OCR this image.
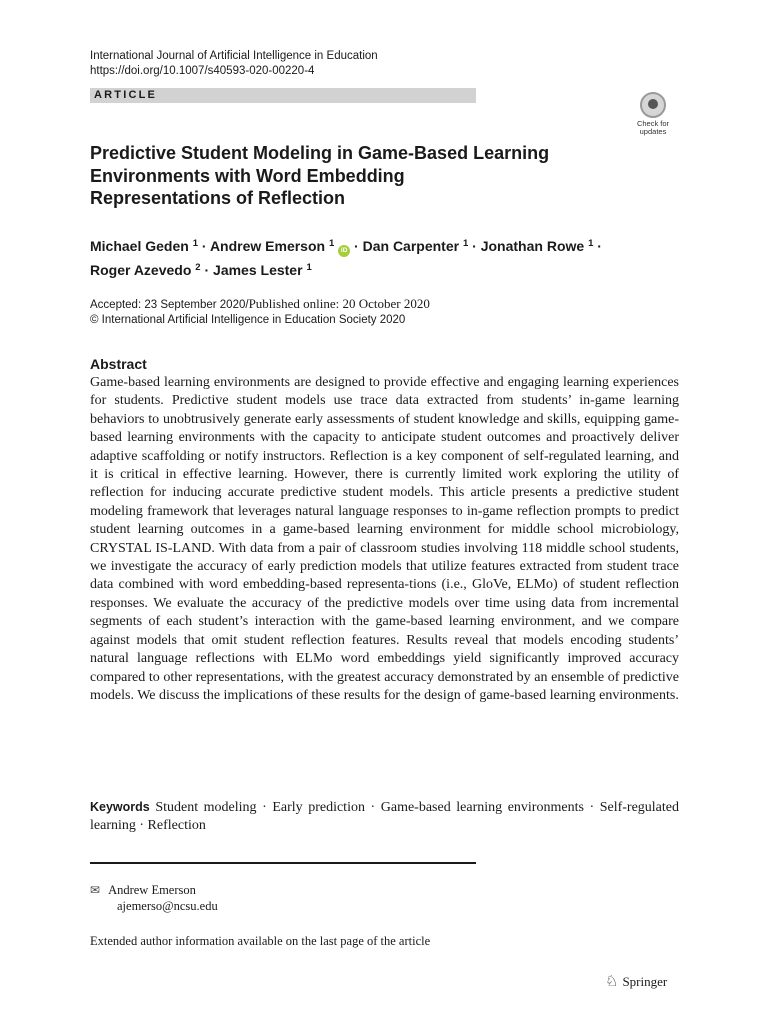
International Journal of Artificial Intelligence in Education
https://doi.org/10.1007/s40593-020-00220-4
ARTICLE
Check for
updates
Predictive Student Modeling in Game-Based Learning
Environments with Word Embedding
Representations of Reflection
Michael Geden $^1$ · Andrew Emerson $^1$ iD · Dan Carpenter $^1$ · Jonathan Rowe $^1$ ·
Roger Azevedo $^2$ · James Lester $^1$
Accepted: 23 September 2020/Published online: 20 October 2020
© International Artificial Intelligence in Education Society 2020
Abstract

Game-based learning environments are designed to provide effective and engaging learning experiences for students. Predictive student models use trace data extracted from students’ in-game learning behaviors to unobtrusively generate early assessments of student knowledge and skills, equipping game-based learning environments with the capacity to anticipate student outcomes and proactively deliver adaptive scaffolding or notify instructors. Reflection is a key component of self-regulated learning, and it is critical in effective learning. However, there is currently limited work exploring the utility of reflection for inducing accurate predictive student models. This article presents a predictive student modeling framework that leverages natural language responses to in-game reflection prompts to predict student learning outcomes in a game-based learning environment for middle school microbiology, CRYSTAL IS-LAND. With data from a pair of classroom studies involving 118 middle school students, we investigate the accuracy of early prediction models that utilize features extracted from student trace data combined with word embedding-based representa-tions (i.e., GloVe, ELMo) of student reflection responses. We evaluate the accuracy of the predictive models over time using data from incremental segments of each student’s interaction with the game-based learning environment, and we compare against models that omit student reflection features. Results reveal that models encoding students’ natural language reflections with ELMo word embeddings yield significantly improved accuracy compared to other representations, with the greatest accuracy demonstrated by an ensemble of predictive models. We discuss the implications of these results for the design of game-based learning environments.

Keywords Student modeling · Early prediction · Game-based learning environments · Self-regulated learning · Reflection
✉ Andrew Emerson
ajemerso@ncsu.edu
Extended author information available on the last page of the article
♘ Springer
